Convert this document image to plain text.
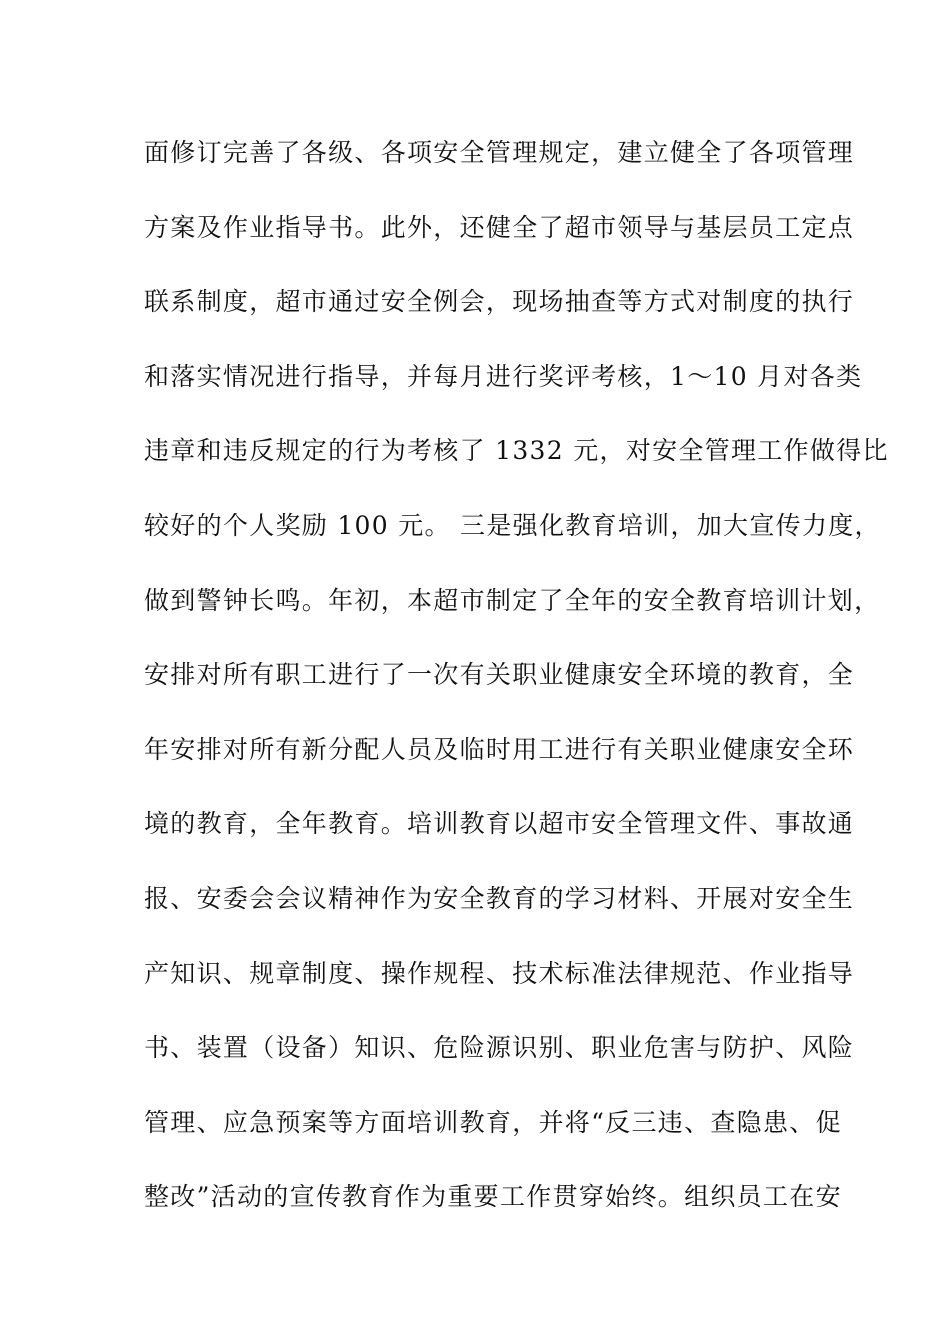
面修订完善了各级、各项安全管理规定，建立健全了各项管理
方案及作业指导书。此外，还健全了超市领导与基层员工定点
联系制度，超市通过安全例会，现场抽查等方式对制度的执行
和落实情况进行指导，并每月进行奖评考核，1～10 月对各类
违章和违反规定的行为考核了 1332 元，对安全管理工作做得比
较好的个人奖励 100 元。 三是强化教育培训，加大宣传力度，
做到警钟长鸣。年初，本超市制定了全年的安全教育培训计划，
安排对所有职工进行了一次有关职业健康安全环境的教育，全
年安排对所有新分配人员及临时用工进行有关职业健康安全环
境的教育，全年教育。培训教育以超市安全管理文件、事故通
报、安委会会议精神作为安全教育的学习材料、开展对安全生
产知识、规章制度、操作规程、技术标准法律规范、作业指导
书、装置（设备）知识、危险源识别、职业危害与防护、风险
管理、应急预案等方面培训教育，并将“反三违、查隐患、促
整改”活动的宣传教育作为重要工作贯穿始终。组织员工在安
